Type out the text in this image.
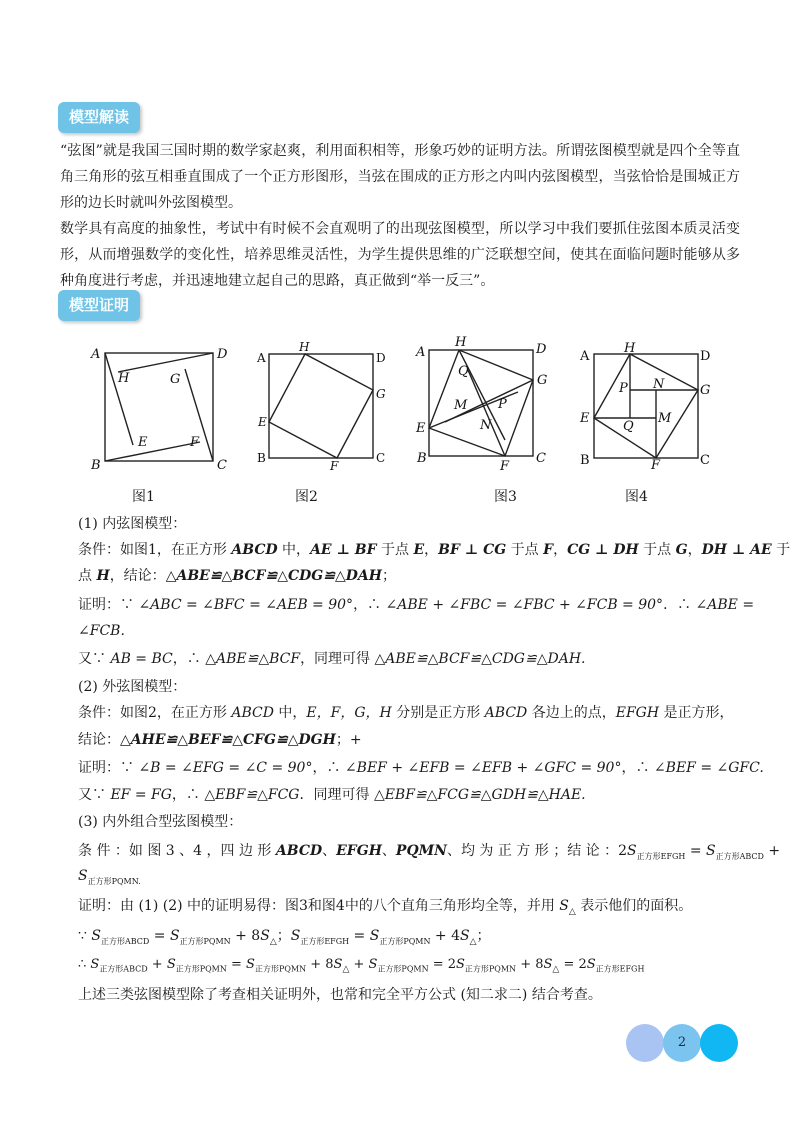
模型解读

“弦图”就是我国三国时期的数学家赵爽，利用面积相等，形象巧妙的证明方法。所谓弦图模型就是四个全等直角三角形的弦互相垂直围成了一个正方形图形，当弦在围成的正方形之内叫内弦图模型，当弦恰恰是围城正方形的边长时就叫外弦图模型。

数学具有高度的抽象性，考试中有时候不会直观明了的出现弦图模型，所以学习中我们要抓住弦图本质灵活变形，从而增强数学的变化性，培养思维灵活性，为学生提供思维的广泛联想空间，使其在面临问题时能够从多种角度进行考虑，并迅速地建立起自己的思路，真正做到“举一反三”。

模型证明
A	D
B	C
H	G
E	F
A
H
D
G
E
B
F
C
A
H	D
G
Q
M P
N
E
B
F
C
A
H
D
P N	G
E
Q
M
B	F	C
图1	图2	图3	图4
(1) 内弦图模型：
条件：如图1，在正方形 ABCD 中，AE ⊥ BF 于点 E，BF ⊥ CG 于点 F，CG ⊥ DH 于点 G，DH ⊥ AE 于
点 H，结论：△ABE≌△BCF≌△CDG≌△DAH；
证明：∵ ∠ABC = ∠BFC = ∠AEB = 90°，∴ ∠ABE + ∠FBC = ∠FBC + ∠FCB = 90°．∴ ∠ABE =
∠FCB.
又∵ AB = BC，∴ △ABE≌△BCF，同理可得 △ABE≌△BCF≌△CDG≌△DAH.
(2) 外弦图模型：
条件：如图2，在正方形 ABCD 中，E，F，G，H 分别是正方形 ABCD 各边上的点，EFGH 是正方形，
结论：△AHE≌△BEF≌△CFG≌△DGH；+
证明：∵ ∠B = ∠EFG = ∠C = 90°，∴ ∠BEF + ∠EFB = ∠EFB + ∠GFC = 90°，∴ ∠BEF = ∠GFC.
又∵ EF = FG，∴ △EBF≌△FCG．同理可得 △EBF≌△FCG≌△GDH≌△HAE.
(3) 内外组合型弦图模型：
条 件 ：如 图 3 、4 ，四 边 形 ABCD、EFGH、PQMN、均 为 正 方 形 ；结 论 ：$2S_{正方形EFGH} = S_{正方形ABCD}$ +
$S_{正方形PQMN.}$
证明：由 (1) (2) 中的证明易得：图3和图4中的八个直角三角形均全等，并用 $S_\triangle$ 表示他们的面积。
∵ $S_{正方形ABCD} = S_{正方形PQMN} + 8S_\triangle$；$S_{正方形EFGH} = S_{正方形PQMN} + 4S_\triangle$；
∴ $S_{正方形ABCD} + S_{正方形PQMN} = S_{正方形PQMN} + 8S_\triangle + S_{正方形PQMN} = 2S_{正方形PQMN} + 8S_\triangle = 2S_{正方形EFGH}$
上述三类弦图模型除了考查相关证明外，也常和完全平方公式 (知二求二) 结合考查。
2
